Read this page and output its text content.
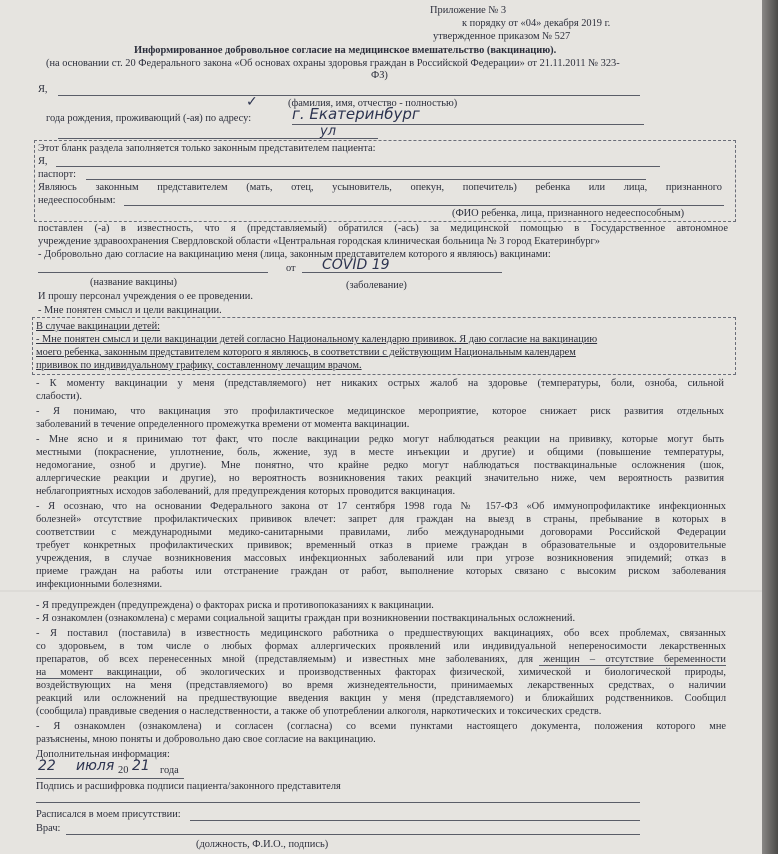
Приложение № 3
к порядку от «04» декабря 2019 г.
утвержденное приказом № 527
Информированное добровольное согласие на медицинское вмешательство (вакцинацию).
(на основании ст. 20 Федерального закона «Об основах охраны здоровья граждан в Российской Федерации» от 21.11.2011 № 323-
ФЗ)
Я,
✓	(фамилия, имя, отчество - полностью)
года рождения, проживающий (-ая) по адресу:	г. Екатеринбург
ул
Этот бланк раздела заполняется только законным представителем пациента:
Я,
паспорт:
Являюсь законным представителем (мать, отец, усыновитель, опекун, попечитель) ребенка или лица, признанного
недееспособным:
(ФИО ребенка, лица, признанного недееспособным)
поставлен (-а) в известность, что я (представляемый) обратился (-ась) за медицинской помощью в Государственное автономное
учреждение здравоохранения Свердловской области «Центральная городская клиническая больница № 3 город Екатеринбург»
- Добровольно даю согласие на вакцинацию меня (лица, законным представителем которого я являюсь) вакцинами:
от COVID 19
(название вакцины)	(заболевание)
И прошу персонал учреждения о ее проведении.
- Мне понятен смысл и цели вакцинации.
В случае вакцинации детей:
- Мне понятен смысл и цели вакцинации детей согласно Национальному календарю прививок. Я даю согласие на вакцинацию
моего ребенка, законным представителем которого я являюсь, в соответствии с действующим Национальным календарем
прививок по индивидуальному графику, составленному лечащим врачом.
- К моменту вакцинации у меня (представляемого) нет никаких острых жалоб на здоровье (температуры, боли, озноба, сильной
слабости).
- Я понимаю, что вакцинация это профилактическое медицинское мероприятие, которое снижает риск развития отдельных
заболеваний в течение определенного промежутка времени от момента вакцинации.
- Мне ясно и я принимаю тот факт, что после вакцинации редко могут наблюдаться реакции на прививку, которые могут быть
местными (покраснение, уплотнение, боль, жжение, зуд в месте инъекции и другие) и общими (повышение температуры,
недомогание, озноб и другие). Мне понятно, что крайне редко могут наблюдаться поствакцинальные осложнения (шок,
аллергические реакции и другие), но вероятность возникновения таких реакций значительно ниже, чем вероятность развития
неблагоприятных исходов заболеваний, для предупреждения которых проводится вакцинация.
- Я осознаю, что на основании Федерального закона от 17 сентября 1998 года № 157-ФЗ «Об иммунопрофилактике инфекционных
болезней» отсутствие профилактических прививок влечет: запрет для граждан на выезд в страны, пребывание в которых в
соответствии с международными медико-санитарными правилами, либо международными договорами Российской Федерации
требует конкретных профилактических прививок; временный отказ в приеме граждан в образовательные и оздоровительные
учреждения, в случае возникновения массовых инфекционных заболеваний или при угрозе возникновения эпидемий; отказ в
приеме граждан на работы или отстранение граждан от работ, выполнение которых связано с высоким риском заболевания
инфекционными болезнями.
- Я предупрежден (предупреждена) о факторах риска и противопоказаниях к вакцинации.
- Я ознакомлен (ознакомлена) с мерами социальной защиты граждан при возникновении поствакцинальных осложнений.
- Я поставил (поставила) в известность медицинского работника о предшествующих вакцинациях, обо всех проблемах, связанных
со здоровьем, в том числе о любых формах аллергических проявлений или индивидуальной непереносимости лекарственных
препаратов, об всех перенесенных мной (представляемым) и известных мне заболеваниях, для женщин – отсутствие беременности
на момент вакцинации, об экологических и производственных факторах физической, химической и биологической природы,
воздействующих на меня (представляемого) во время жизнедеятельности, принимаемых лекарственных средствах, о наличии
реакций или осложнений на предшествующие введения вакцин у меня (представляемого) и ближайших родственников. Сообщил
(сообщила) правдивые сведения о наследственности, а также об употреблении алкоголя, наркотических и токсических средств.
- Я ознакомлен (ознакомлена) и согласен (согласна) со всеми пунктами настоящего документа, положения которого мне
разъяснены, мною поняты и добровольно даю свое согласие на вакцинацию.
Дополнительная информация:
22 июля 20 21 года
Подпись и расшифровка подписи пациента/законного представителя
Расписался в моем присутствии:
Врач:
(должность, Ф.И.О., подпись)
